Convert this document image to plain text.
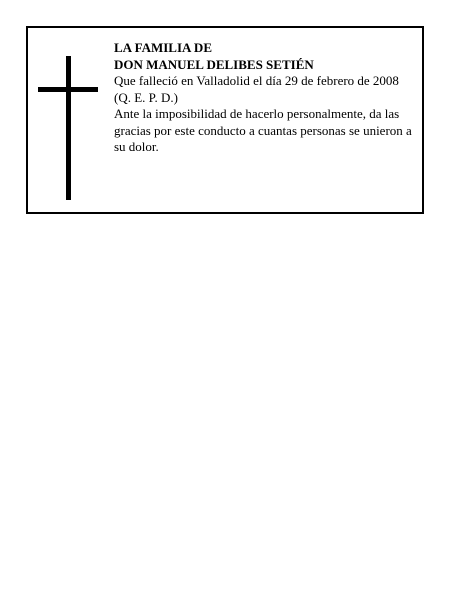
LA FAMILIA DE

DON MANUEL DELIBES SETIÉN

Que falleció en Valladolid el día 29 de febrero de 2008

(Q. E. P. D.)

Ante la imposibilidad de hacerlo personalmente, da las gracias por este conducto a cuantas personas se unieron a su dolor.
